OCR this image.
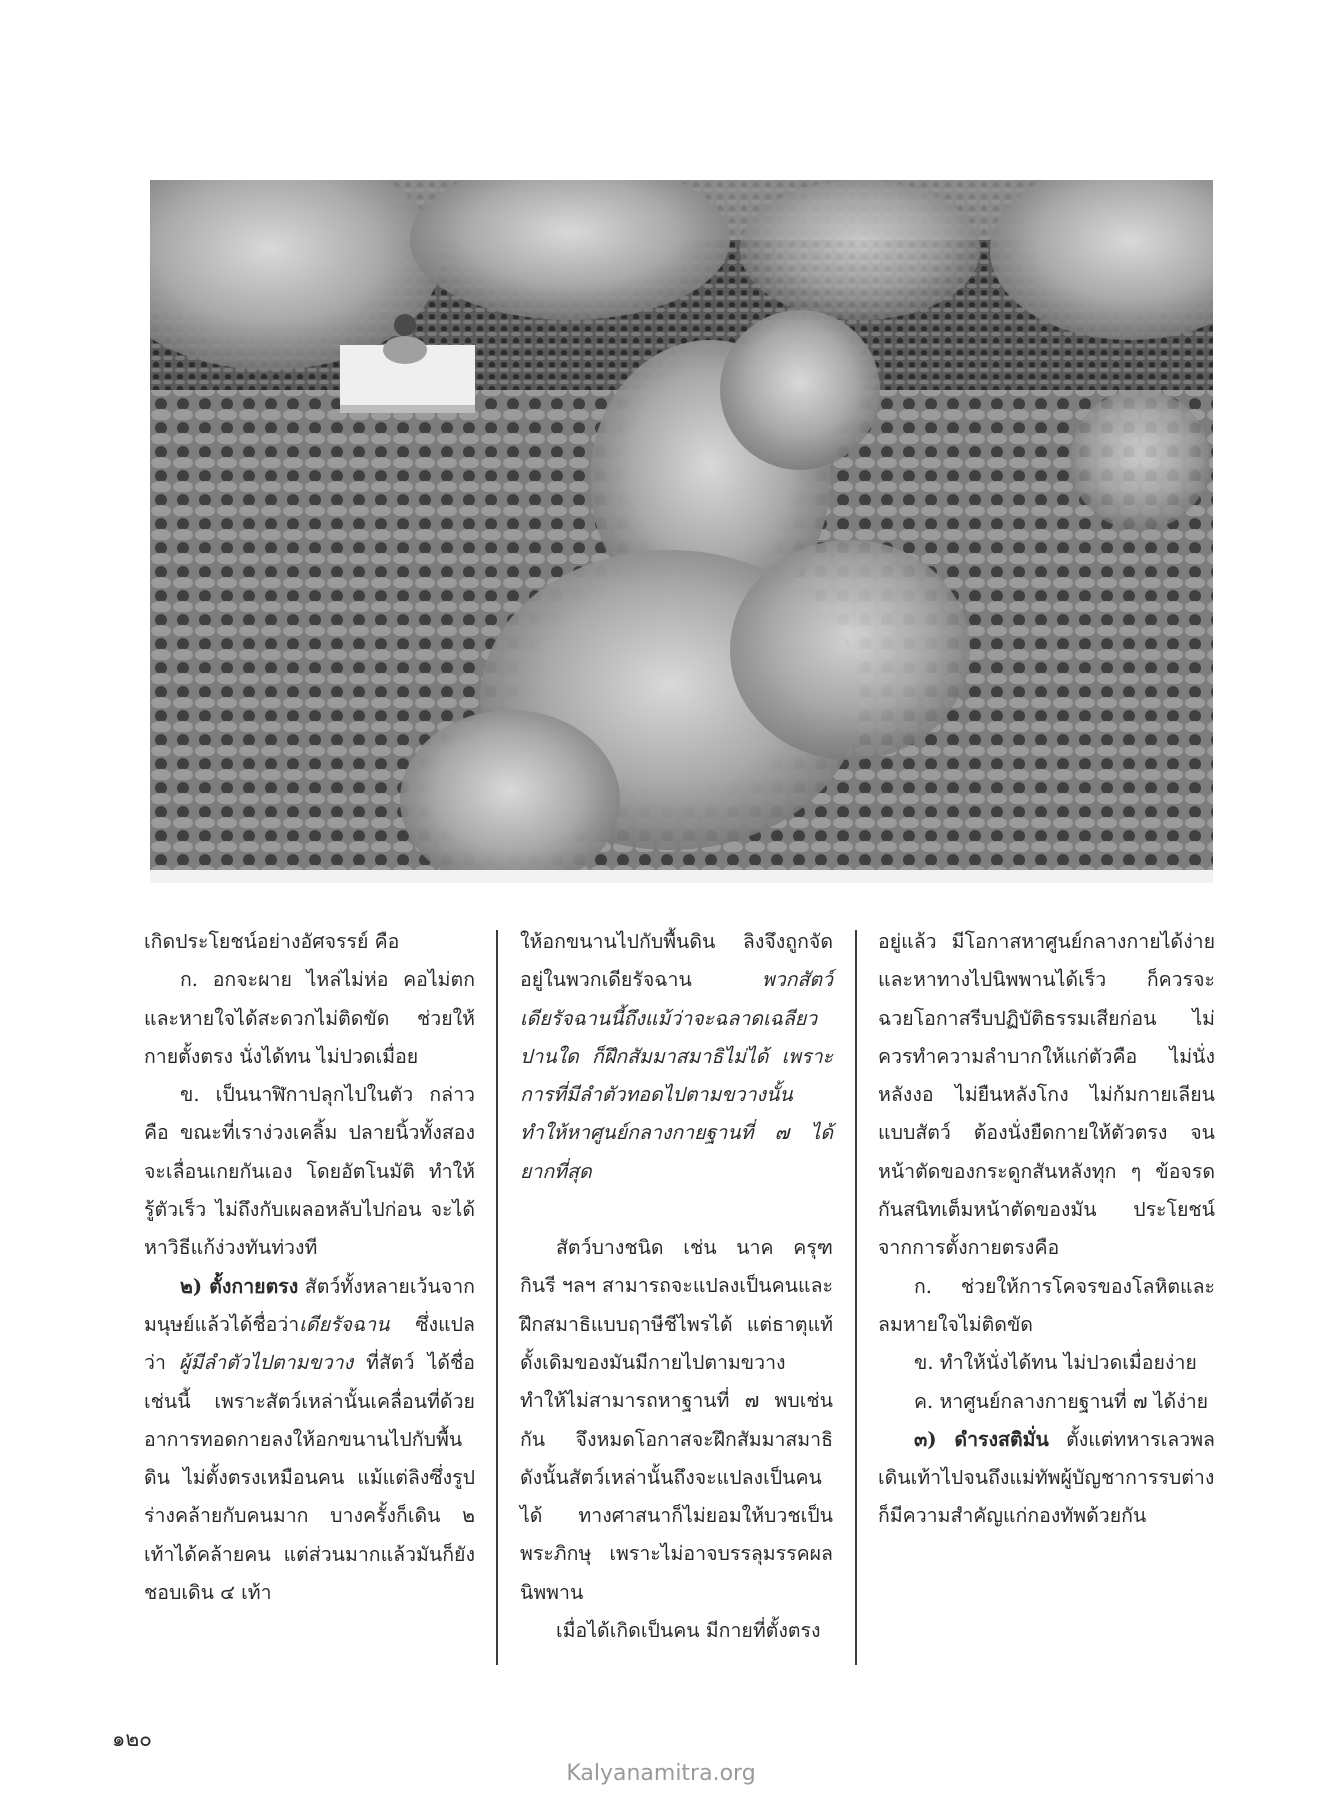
เกิดประโยชน์อย่างอัศจรรย์ คือ

ก. อกจะผาย ไหล่ไม่ห่อ คอไม่ตก และหายใจได้สะดวกไม่ติดขัด ช่วยให้กายตั้งตรง นั่งได้ทน ไม่ปวดเมื่อย

ข. เป็นนาฬิกาปลุกไปในตัว กล่าวคือ ขณะที่เราง่วงเคลิ้ม ปลายนิ้วทั้งสองจะเลื่อนเกยกันเอง โดยอัตโนมัติ ทำให้รู้ตัวเร็ว ไม่ถึงกับเผลอหลับไปก่อน จะได้หาวิธีแก้ง่วงทันท่วงที

๒) ตั้งกายตรง สัตว์ทั้งหลายเว้นจากมนุษย์แล้วได้ชื่อว่าเดียรัจฉาน ซึ่งแปลว่า ผู้มีลำตัวไปตามขวาง ที่สัตว์ ได้ชื่อเช่นนี้ เพราะสัตว์เหล่านั้นเคลื่อนที่ด้วยอาการทอดกายลงให้อกขนานไปกับพื้นดิน ไม่ตั้งตรงเหมือนคน แม้แต่ลิงซึ่งรูปร่างคล้ายกับคนมาก บางครั้งก็เดิน ๒ เท้าได้คล้ายคน แต่ส่วนมากแล้วมันก็ยังชอบเดิน ๔ เท้า

ให้อกขนานไปกับพื้นดิน ลิงจึงถูกจัดอยู่ในพวกเดียรัจฉาน พวกสัตว์เดียรัจฉานนี้ถึงแม้ว่าจะฉลาดเฉลียวปานใด ก็ฝึกสัมมาสมาธิไม่ได้ เพราะการที่มีลำตัวทอดไปตามขวางนั้น ทำให้หาศูนย์กลางกายฐานที่ ๗ ได้ยากที่สุด

สัตว์บางชนิด เช่น นาค ครุฑ กินรี ฯลฯ สามารถจะแปลงเป็นคนและฝึกสมาธิแบบฤาษีชีไพรได้ แต่ธาตุแท้ดั้งเดิมของมันมีกายไปตามขวาง ทำให้ไม่สามารถหาฐานที่ ๗ พบเช่นกัน จึงหมดโอกาสจะฝึกสัมมาสมาธิ ดังนั้นสัตว์เหล่านั้นถึงจะแปลงเป็นคนได้ ทางศาสนาก็ไม่ยอมให้บวชเป็นพระภิกษุ เพราะไม่อาจบรรลุมรรคผลนิพพาน

เมื่อได้เกิดเป็นคน มีกายที่ตั้งตรง

อยู่แล้ว มีโอกาสหาศูนย์กลางกายได้ง่าย และหาทางไปนิพพานได้เร็ว ก็ควรจะฉวยโอกาสรีบปฏิบัติธรรมเสียก่อน ไม่ควรทำความลำบากให้แก่ตัวคือ ไม่นั่งหลังงอ ไม่ยืนหลังโกง ไม่ก้มกายเลียนแบบสัตว์ ต้องนั่งยืดกายให้ตัวตรง จนหน้าตัดของกระดูกสันหลังทุก ๆ ข้อจรดกันสนิทเต็มหน้าตัดของมัน ประโยชน์จากการตั้งกายตรงคือ

ก. ช่วยให้การโคจรของโลหิตและลมหายใจไม่ติดขัด

ข. ทำให้นั่งได้ทน ไม่ปวดเมื่อยง่าย

ค. หาศูนย์กลางกายฐานที่ ๗ ได้ง่าย

๓) ดำรงสติมั่น ตั้งแต่ทหารเลวพลเดินเท้าไปจนถึงแม่ทัพผู้บัญชาการรบต่างก็มีความสำคัญแก่กองทัพด้วยกัน

๑๒๐
Kalyanamitra.org
